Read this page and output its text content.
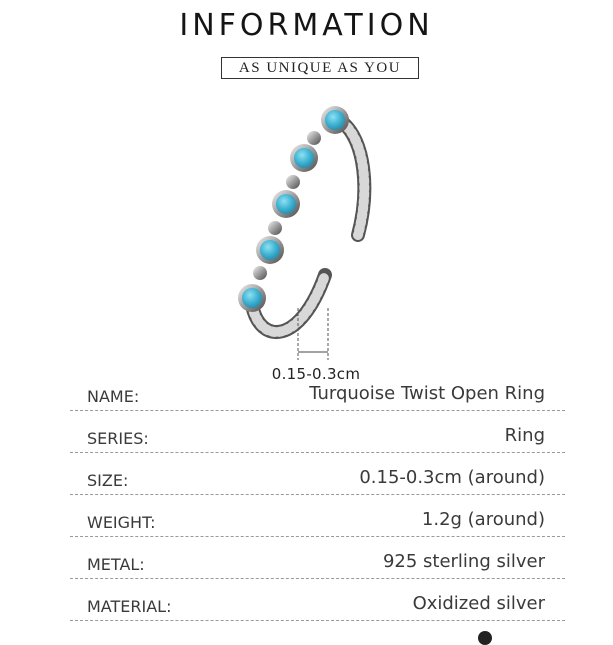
INFORMATION
AS UNIQUE AS YOU
0.15-0.3cm
NAME:	Turquoise Twist Open Ring
SERIES:	Ring
SIZE:	0.15-0.3cm (around)
WEIGHT:	1.2g (around)
METAL:	925 sterling silver
MATERIAL:	Oxidized silver
